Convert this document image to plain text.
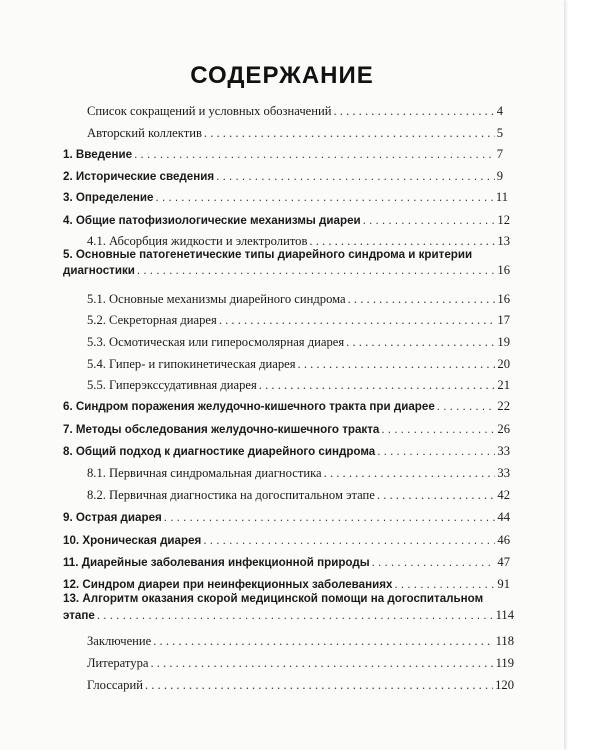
СОДЕРЖАНИЕ
Список сокращений и условных обозначений . . .	4
Авторский коллектив . . .	5
1. Введение . . .	7
2. Исторические сведения . . .	9
3. Определение . . .	11
4. Общие патофизиологические механизмы диареи . . .	12
4.1. Абсорбция жидкости и электролитов . . .	13
5. Основные патогенетические типы диарейного синдрома и критерии
диагностики . . .	16
5.1. Основные механизмы диарейного синдрома . . .	16
5.2. Секреторная диарея . . .	17
5.3. Осмотическая или гиперосмолярная диарея . . .	19
5.4. Гипер- и гипокинетическая диарея . . .	20
5.5. Гиперэкссудативная диарея . . .	21
6. Синдром поражения желудочно-кишечного тракта при диарее . . .	22
7. Методы обследования желудочно-кишечного тракта . . .	26
8. Общий подход к диагностике диарейного синдрома . . .	33
8.1. Первичная синдромальная диагностика . . .	33
8.2. Первичная диагностика на догоспитальном этапе . . .	42
9. Острая диарея . . .	44
10. Хроническая диарея . . .	46
11. Диарейные заболевания инфекционной природы . . .	47
12. Синдром диареи при неинфекционных заболеваниях . . .	91
13. Алгоритм оказания скорой медицинской помощи на догоспитальном
этапе . . .	114
Заключение . . .	118
Литература . . .	119
Глоссарий . . .	120
